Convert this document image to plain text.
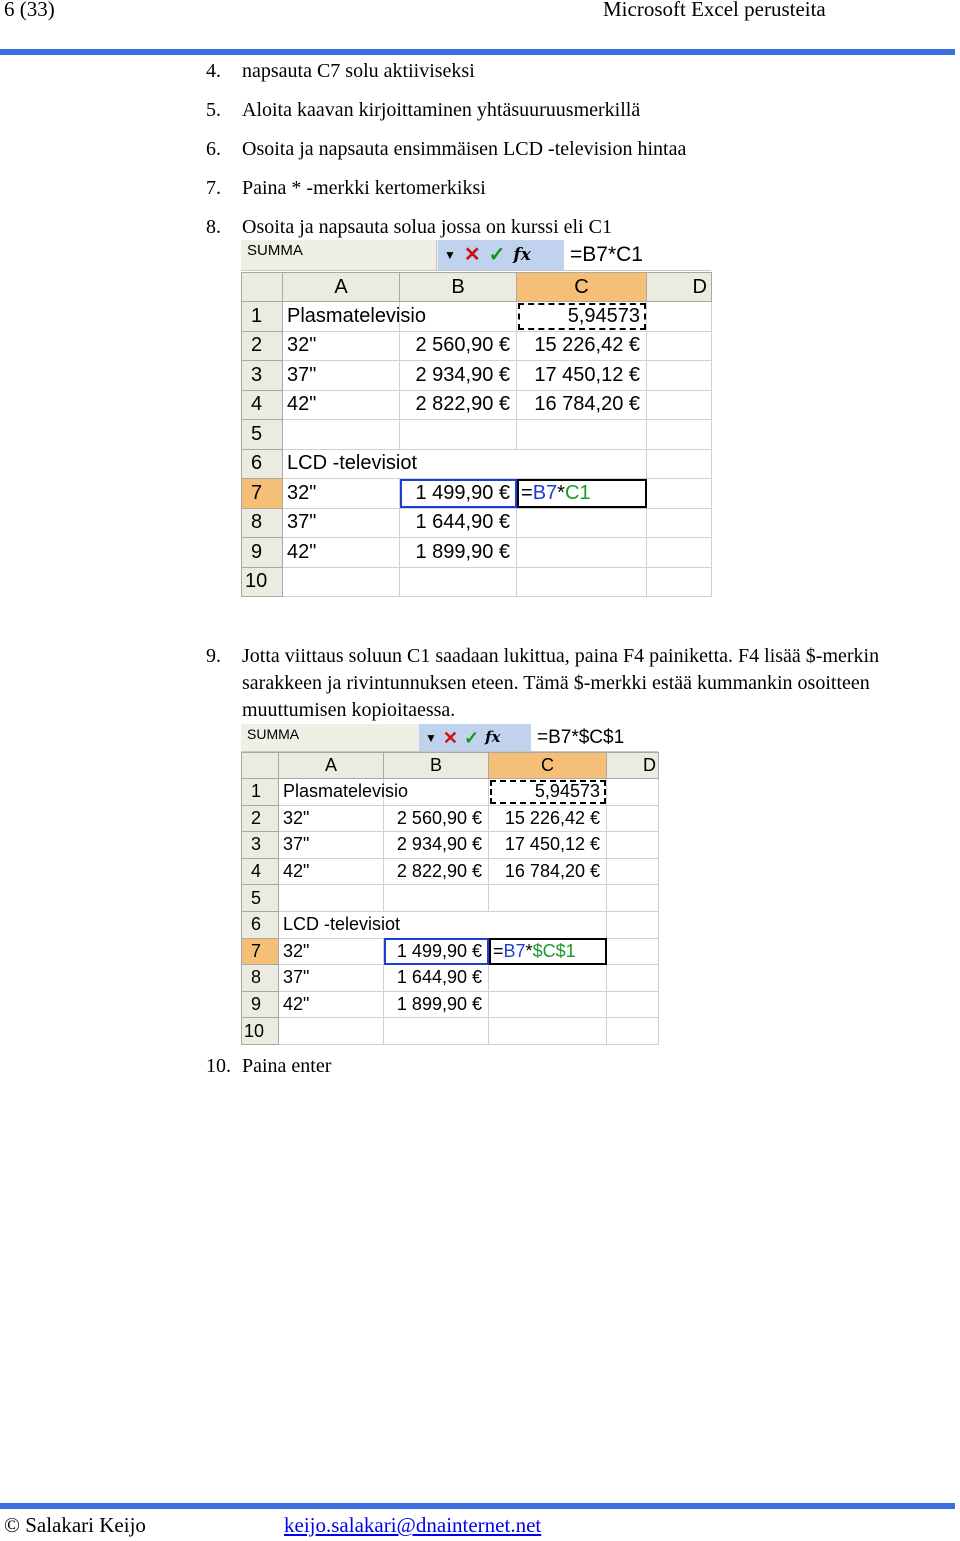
6 (33)	Microsoft Excel perusteita
4. napsauta C7 solu aktiiviseksi
5. Aloita kaavan kirjoittaminen yhtäsuuruusmerkillä
6. Osoita ja napsauta ensimmäisen LCD -television hintaa
7. Paina * -merkki kertomerkiksi
8. Osoita ja napsauta solua jossa on kurssi eli C1
SUMMA	▼ ✕ ✓ fx =B7*C1
	A	B	C	D
1	Plasmatelevisio		5,94573	
2	32"	2 560,90 €	15 226,42 €	
3	37"	2 934,90 €	17 450,12 €	
4	42"	2 822,90 €	16 784,20 €	
5				
6	LCD -televisiot			
7	32"	1 499,90 €	=B7*C1	
8	37"	1 644,90 €		
9	42"	1 899,90 €		
10				
9. Jotta viittaus soluun C1 saadaan lukittua, paina F4 painiketta. F4 lisää $-merkin sarakkeen ja rivintunnuksen eteen. Tämä $-merkki estää kummankin osoitteen muuttumisen kopioitaessa.
SUMMA	▼ ✕ ✓ fx	=B7*$C$1
	A	B	C	D
1	Plasmatelevisio		5,94573	
2	32"	2 560,90 €	15 226,42 €	
3	37"	2 934,90 €	17 450,12 €	
4	42"	2 822,90 €	16 784,20 €	
5				
6	LCD -televisiot			
7	32"	1 499,90 €	=B7*$C$1	
8	37"	1 644,90 €		
9	42"	1 899,90 €		
10				
10. Paina enter
© Salakari Keijo	keijo.salakari@dnainternet.net
